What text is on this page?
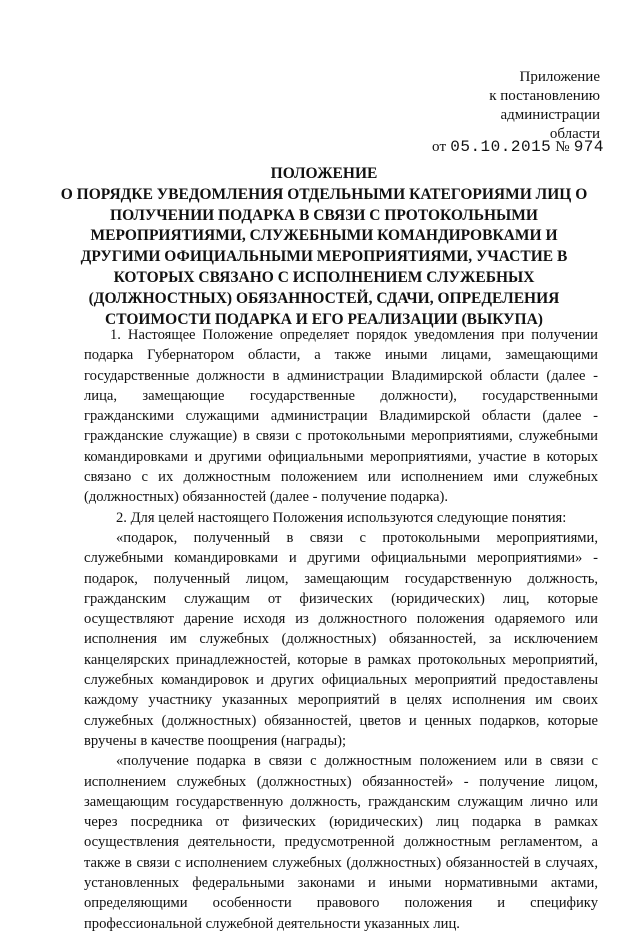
Приложение
к постановлению
администрации
области
от 05.10.2015 № 974
ПОЛОЖЕНИЕ
О ПОРЯДКЕ УВЕДОМЛЕНИЯ ОТДЕЛЬНЫМИ КАТЕГОРИЯМИ ЛИЦ О ПОЛУЧЕНИИ ПОДАРКА В СВЯЗИ С ПРОТОКОЛЬНЫМИ МЕРОПРИЯТИЯМИ, СЛУЖЕБНЫМИ КОМАНДИРОВКАМИ И ДРУГИМИ ОФИЦИАЛЬНЫМИ МЕРОПРИЯТИЯМИ, УЧАСТИЕ В КОТОРЫХ СВЯЗАНО С ИСПОЛНЕНИЕМ СЛУЖЕБНЫХ (ДОЛЖНОСТНЫХ) ОБЯЗАННОСТЕЙ, СДАЧИ, ОПРЕДЕЛЕНИЯ СТОИМОСТИ ПОДАРКА И ЕГО РЕАЛИЗАЦИИ (ВЫКУПА)

1. Настоящее Положение определяет порядок уведомления при получении подарка Губернатором области, а также иными лицами, замещающими государственные должности в администрации Владимирской области (далее - лица, замещающие государственные должности), государственными гражданскими служащими администрации Владимирской области (далее - гражданские служащие) в связи с протокольными мероприятиями, служебными командировками и другими официальными мероприятиями, участие в которых связано с их должностным положением или исполнением ими служебных (должностных) обязанностей (далее - получение подарка).

2. Для целей настоящего Положения используются следующие понятия:

«подарок, полученный в связи с протокольными мероприятиями, служебными командировками и другими официальными мероприятиями» - подарок, полученный лицом, замещающим государственную должность, гражданским служащим от физических (юридических) лиц, которые осуществляют дарение исходя из должностного положения одаряемого или исполнения им служебных (должностных) обязанностей, за исключением канцелярских принадлежностей, которые в рамках протокольных мероприятий, служебных командировок и других официальных мероприятий предоставлены каждому участнику указанных мероприятий в целях исполнения им своих служебных (должностных) обязанностей, цветов и ценных подарков, которые вручены в качестве поощрения (награды);

«получение подарка в связи с должностным положением или в связи с исполнением служебных (должностных) обязанностей» - получение лицом, замещающим государственную должность, гражданским служащим лично или через посредника от физических (юридических) лиц подарка в рамках осуществления деятельности, предусмотренной должностным регламентом, а также в связи с исполнением служебных (должностных) обязанностей в случаях, установленных федеральными законами и иными нормативными актами, определяющими особенности правового положения и специфику профессиональной служебной деятельности указанных лиц.
